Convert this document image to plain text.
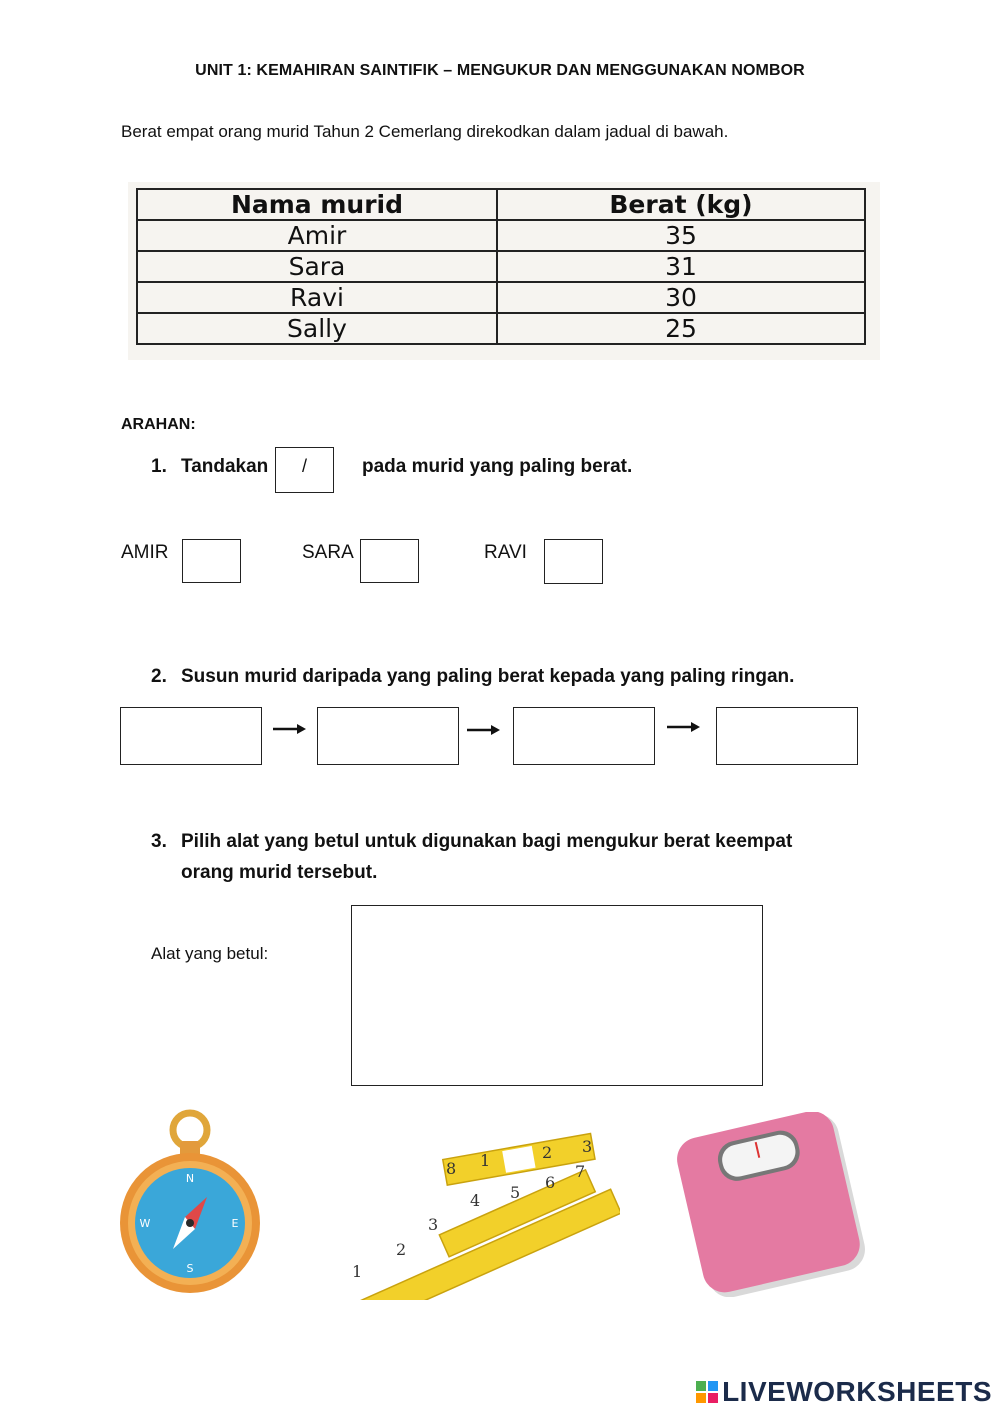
UNIT 1: KEMAHIRAN SAINTIFIK – MENGUKUR DAN MENGGUNAKAN NOMBOR
Berat empat orang murid Tahun 2 Cemerlang direkodkan dalam jadual di bawah.
Nama murid	Berat (kg)
Amir	35
Sara	31
Ravi	30
Sally	25
ARAHAN:
1. Tandakan	/	pada murid yang paling berat.
AMIR	SARA	RAVI
2. Susun murid daripada yang paling berat kepada yang paling ringan.
3. Pilih alat yang betul untuk digunakan bagi mengukur berat keempat
orang murid tersebut.
Alat yang betul:
N
S
E
W
1
2
3
4 5
6
7
8 1	2 3
LIVEWORKSHEETS
